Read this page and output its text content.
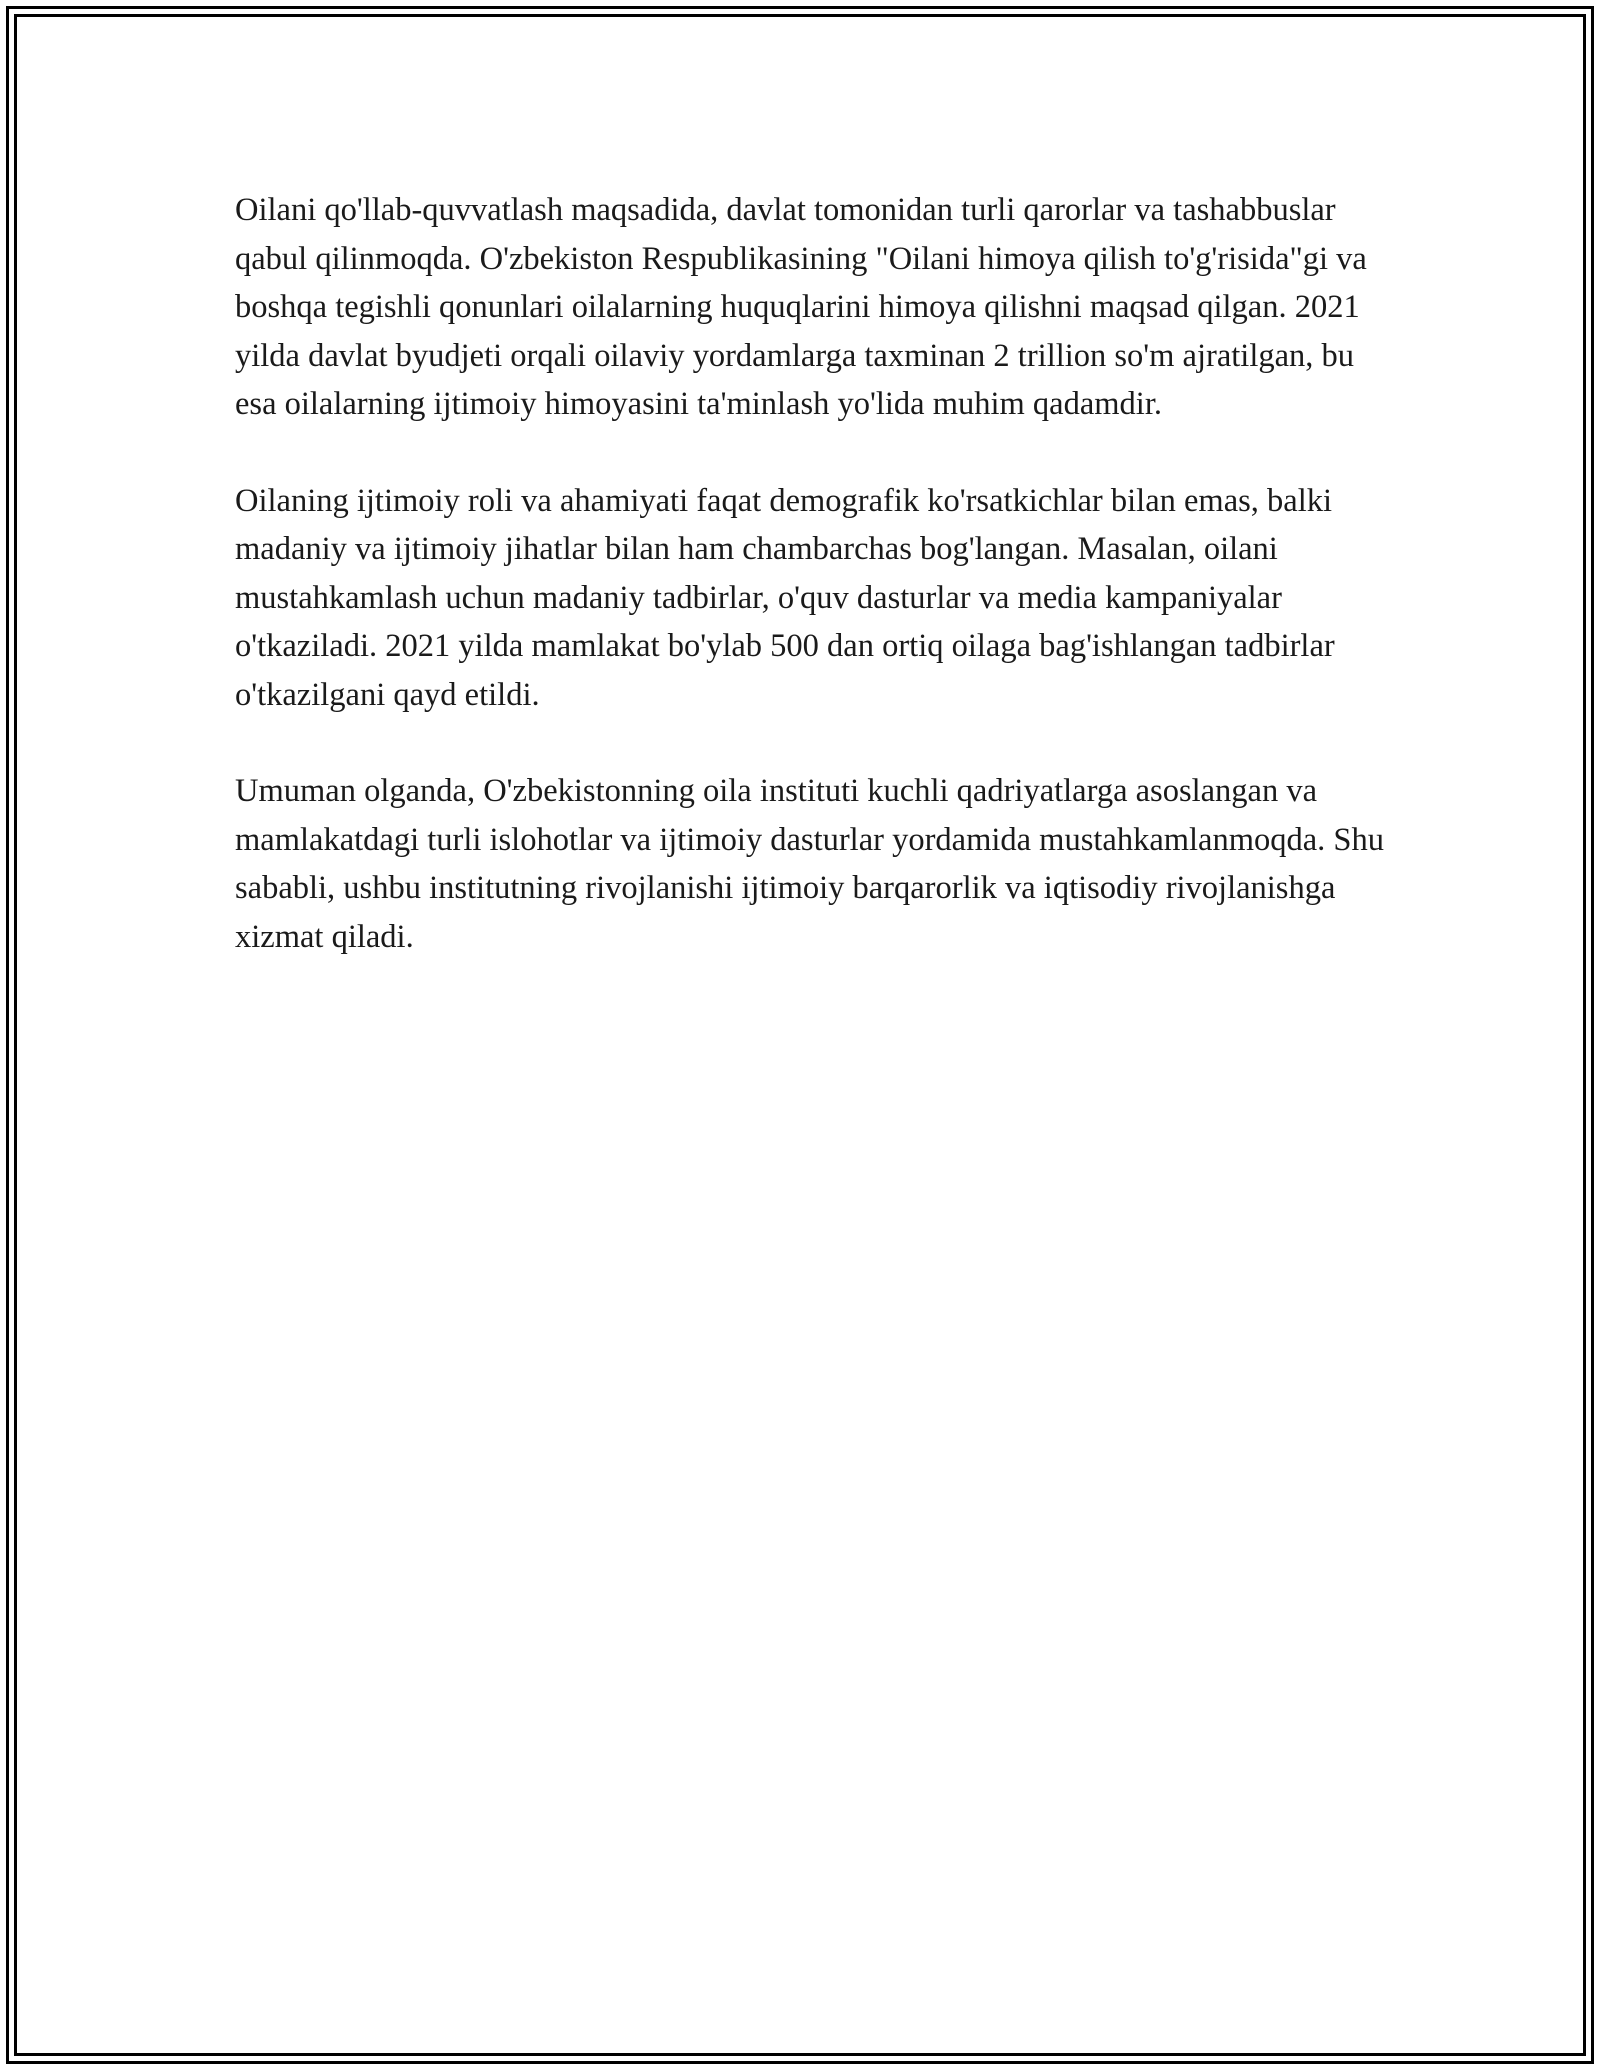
Oilani qo'llab-quvvatlash maqsadida, davlat tomonidan turli qarorlar va tashabbuslar qabul qilinmoqda. O'zbekiston Respublikasining "Oilani himoya qilish to'g'risida"gi va boshqa tegishli qonunlari oilalarning huquqlarini himoya qilishni maqsad qilgan. 2021 yilda davlat byudjeti orqali oilaviy yordamlarga taxminan 2 trillion so'm ajratilgan, bu esa oilalarning ijtimoiy himoyasini ta'minlash yo'lida muhim qadamdir.

Oilaning ijtimoiy roli va ahamiyati faqat demografik ko'rsatkichlar bilan emas, balki madaniy va ijtimoiy jihatlar bilan ham chambarchas bog'langan. Masalan, oilani mustahkamlash uchun madaniy tadbirlar, o'quv dasturlar va media kampaniyalar o'tkaziladi. 2021 yilda mamlakat bo'ylab 500 dan ortiq oilaga bag'ishlangan tadbirlar o'tkazilgani qayd etildi.

Umuman olganda, O'zbekistonning oila instituti kuchli qadriyatlarga asoslangan va mamlakatdagi turli islohotlar va ijtimoiy dasturlar yordamida mustahkamlanmoqda. Shu sababli, ushbu institutning rivojlanishi ijtimoiy barqarorlik va iqtisodiy rivojlanishga xizmat qiladi.
